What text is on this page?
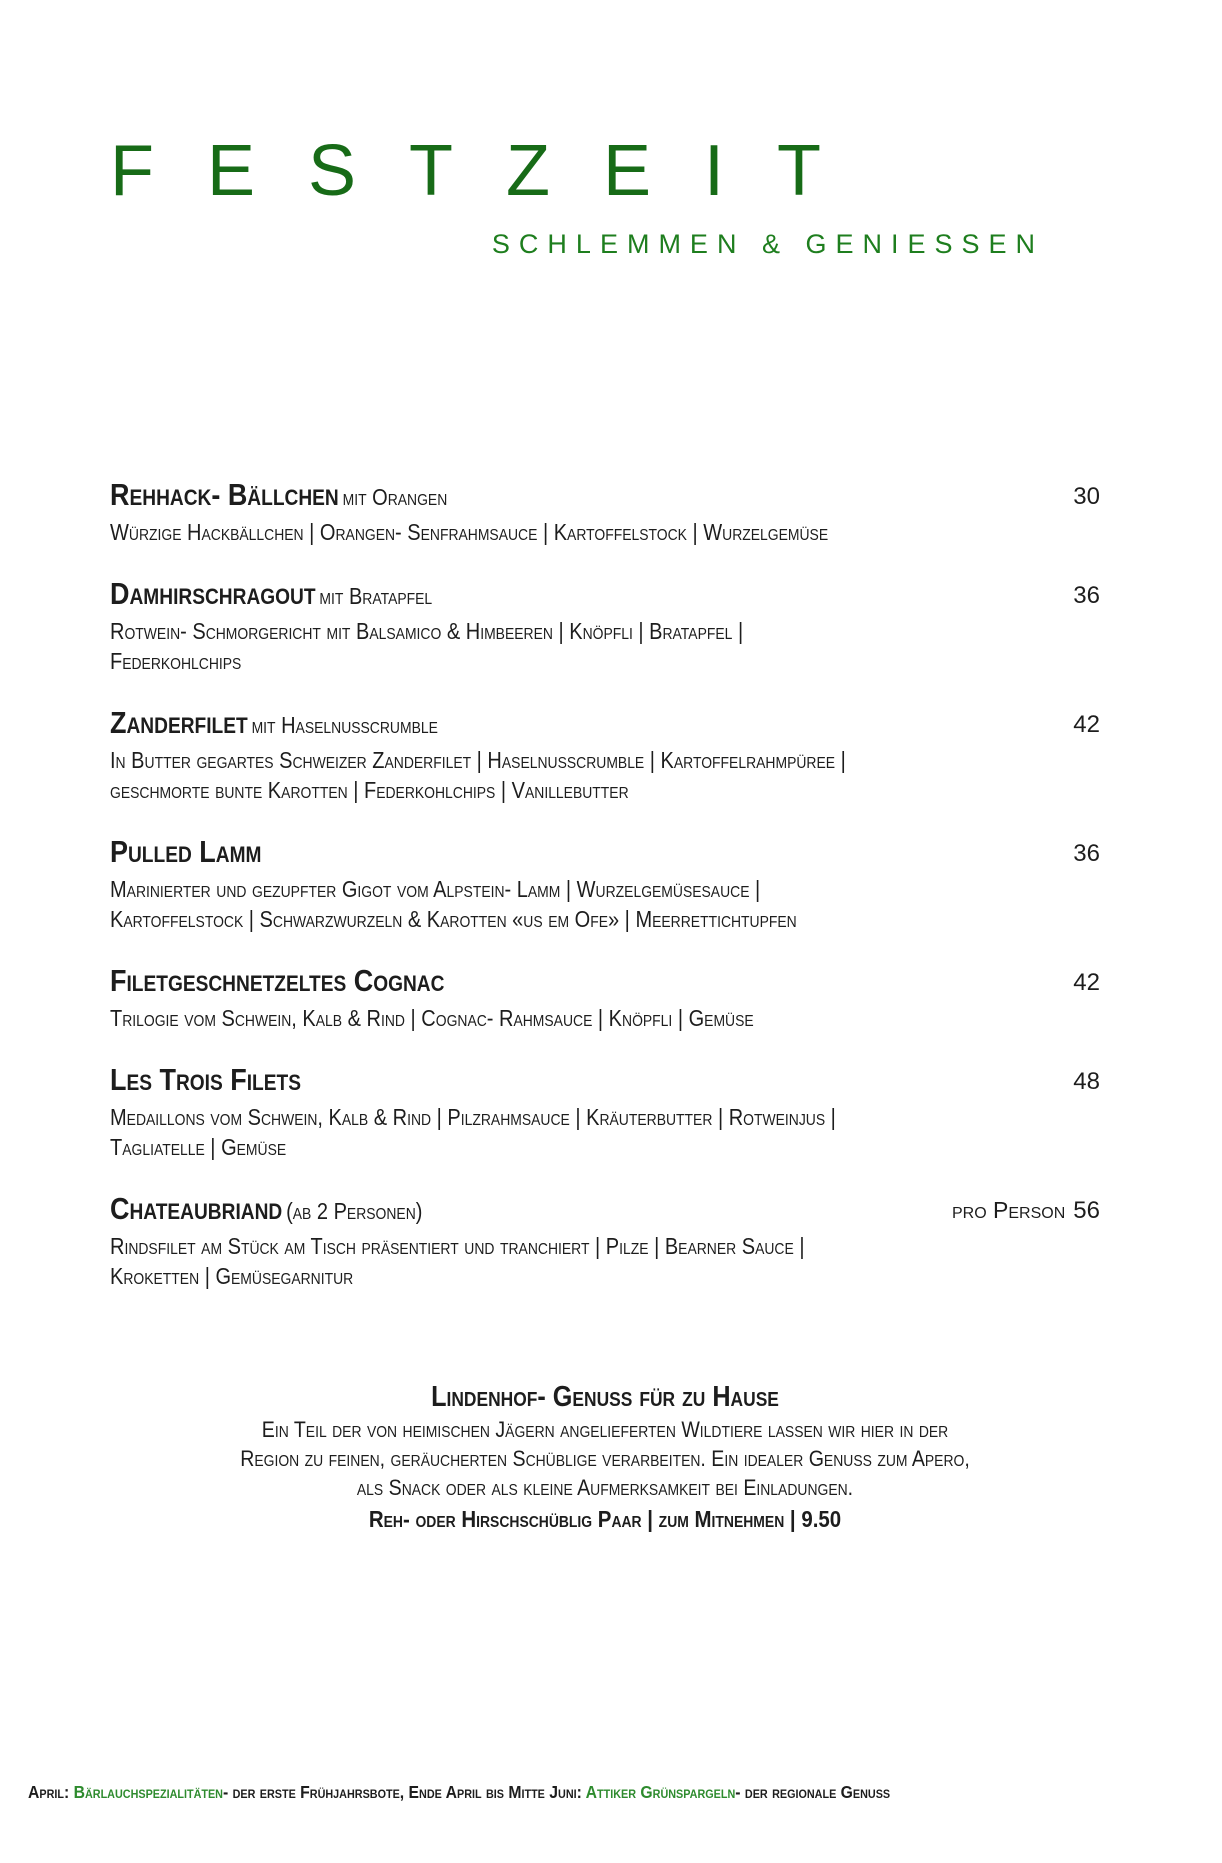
FESTZEIT
SCHLEMMEN & GENIESSEN
Rehhack- Bällchen mit Orangen	30
Würzige Hackbällchen | Orangen- Senfrahmsauce | Kartoffelstock | Wurzelgemüse
Damhirschragout mit Bratapfel	36
Rotwein- Schmorgericht mit Balsamico & Himbeeren | Knöpfli | Bratapfel |
Federkohlchips
Zanderfilet mit Haselnusscrumble	42
In Butter gegartes Schweizer Zanderfilet | Haselnusscrumble | Kartoffelrahmpüree |
geschmorte bunte Karotten | Federkohlchips | Vanillebutter
Pulled Lamm	36
Marinierter und gezupfter Gigot vom Alpstein- Lamm | Wurzelgemüsesauce |
Kartoffelstock | Schwarzwurzeln & Karotten «us em Ofe» | Meerrettichtupfen
Filetgeschnetzeltes Cognac	42
Trilogie vom Schwein, Kalb & Rind | Cognac- Rahmsauce | Knöpfli | Gemüse
Les Trois Filets	48
Medaillons vom Schwein, Kalb & Rind | Pilzrahmsauce | Kräuterbutter | Rotweinjus |
Tagliatelle | Gemüse
Chateaubriand (ab 2 Personen)	pro Person 56
Rindsfilet am Stück am Tisch präsentiert und tranchiert | Pilze | Bearner Sauce |
Kroketten | Gemüsegarnitur
Lindenhof- Genuss für zu Hause
Ein Teil der von heimischen Jägern angelieferten Wildtiere lassen wir hier in der
Region zu feinen, geräucherten Schüblige verarbeiten. Ein idealer Genuss zum Apero,
als Snack oder als kleine Aufmerksamkeit bei Einladungen.
Reh- oder Hirschschüblig Paar | zum Mitnehmen | 9.50
April: Bärlauchspezialitäten- der erste Frühjahrsbote, Ende April bis Mitte Juni: Attiker Grünspargeln- der regionale Genuss
